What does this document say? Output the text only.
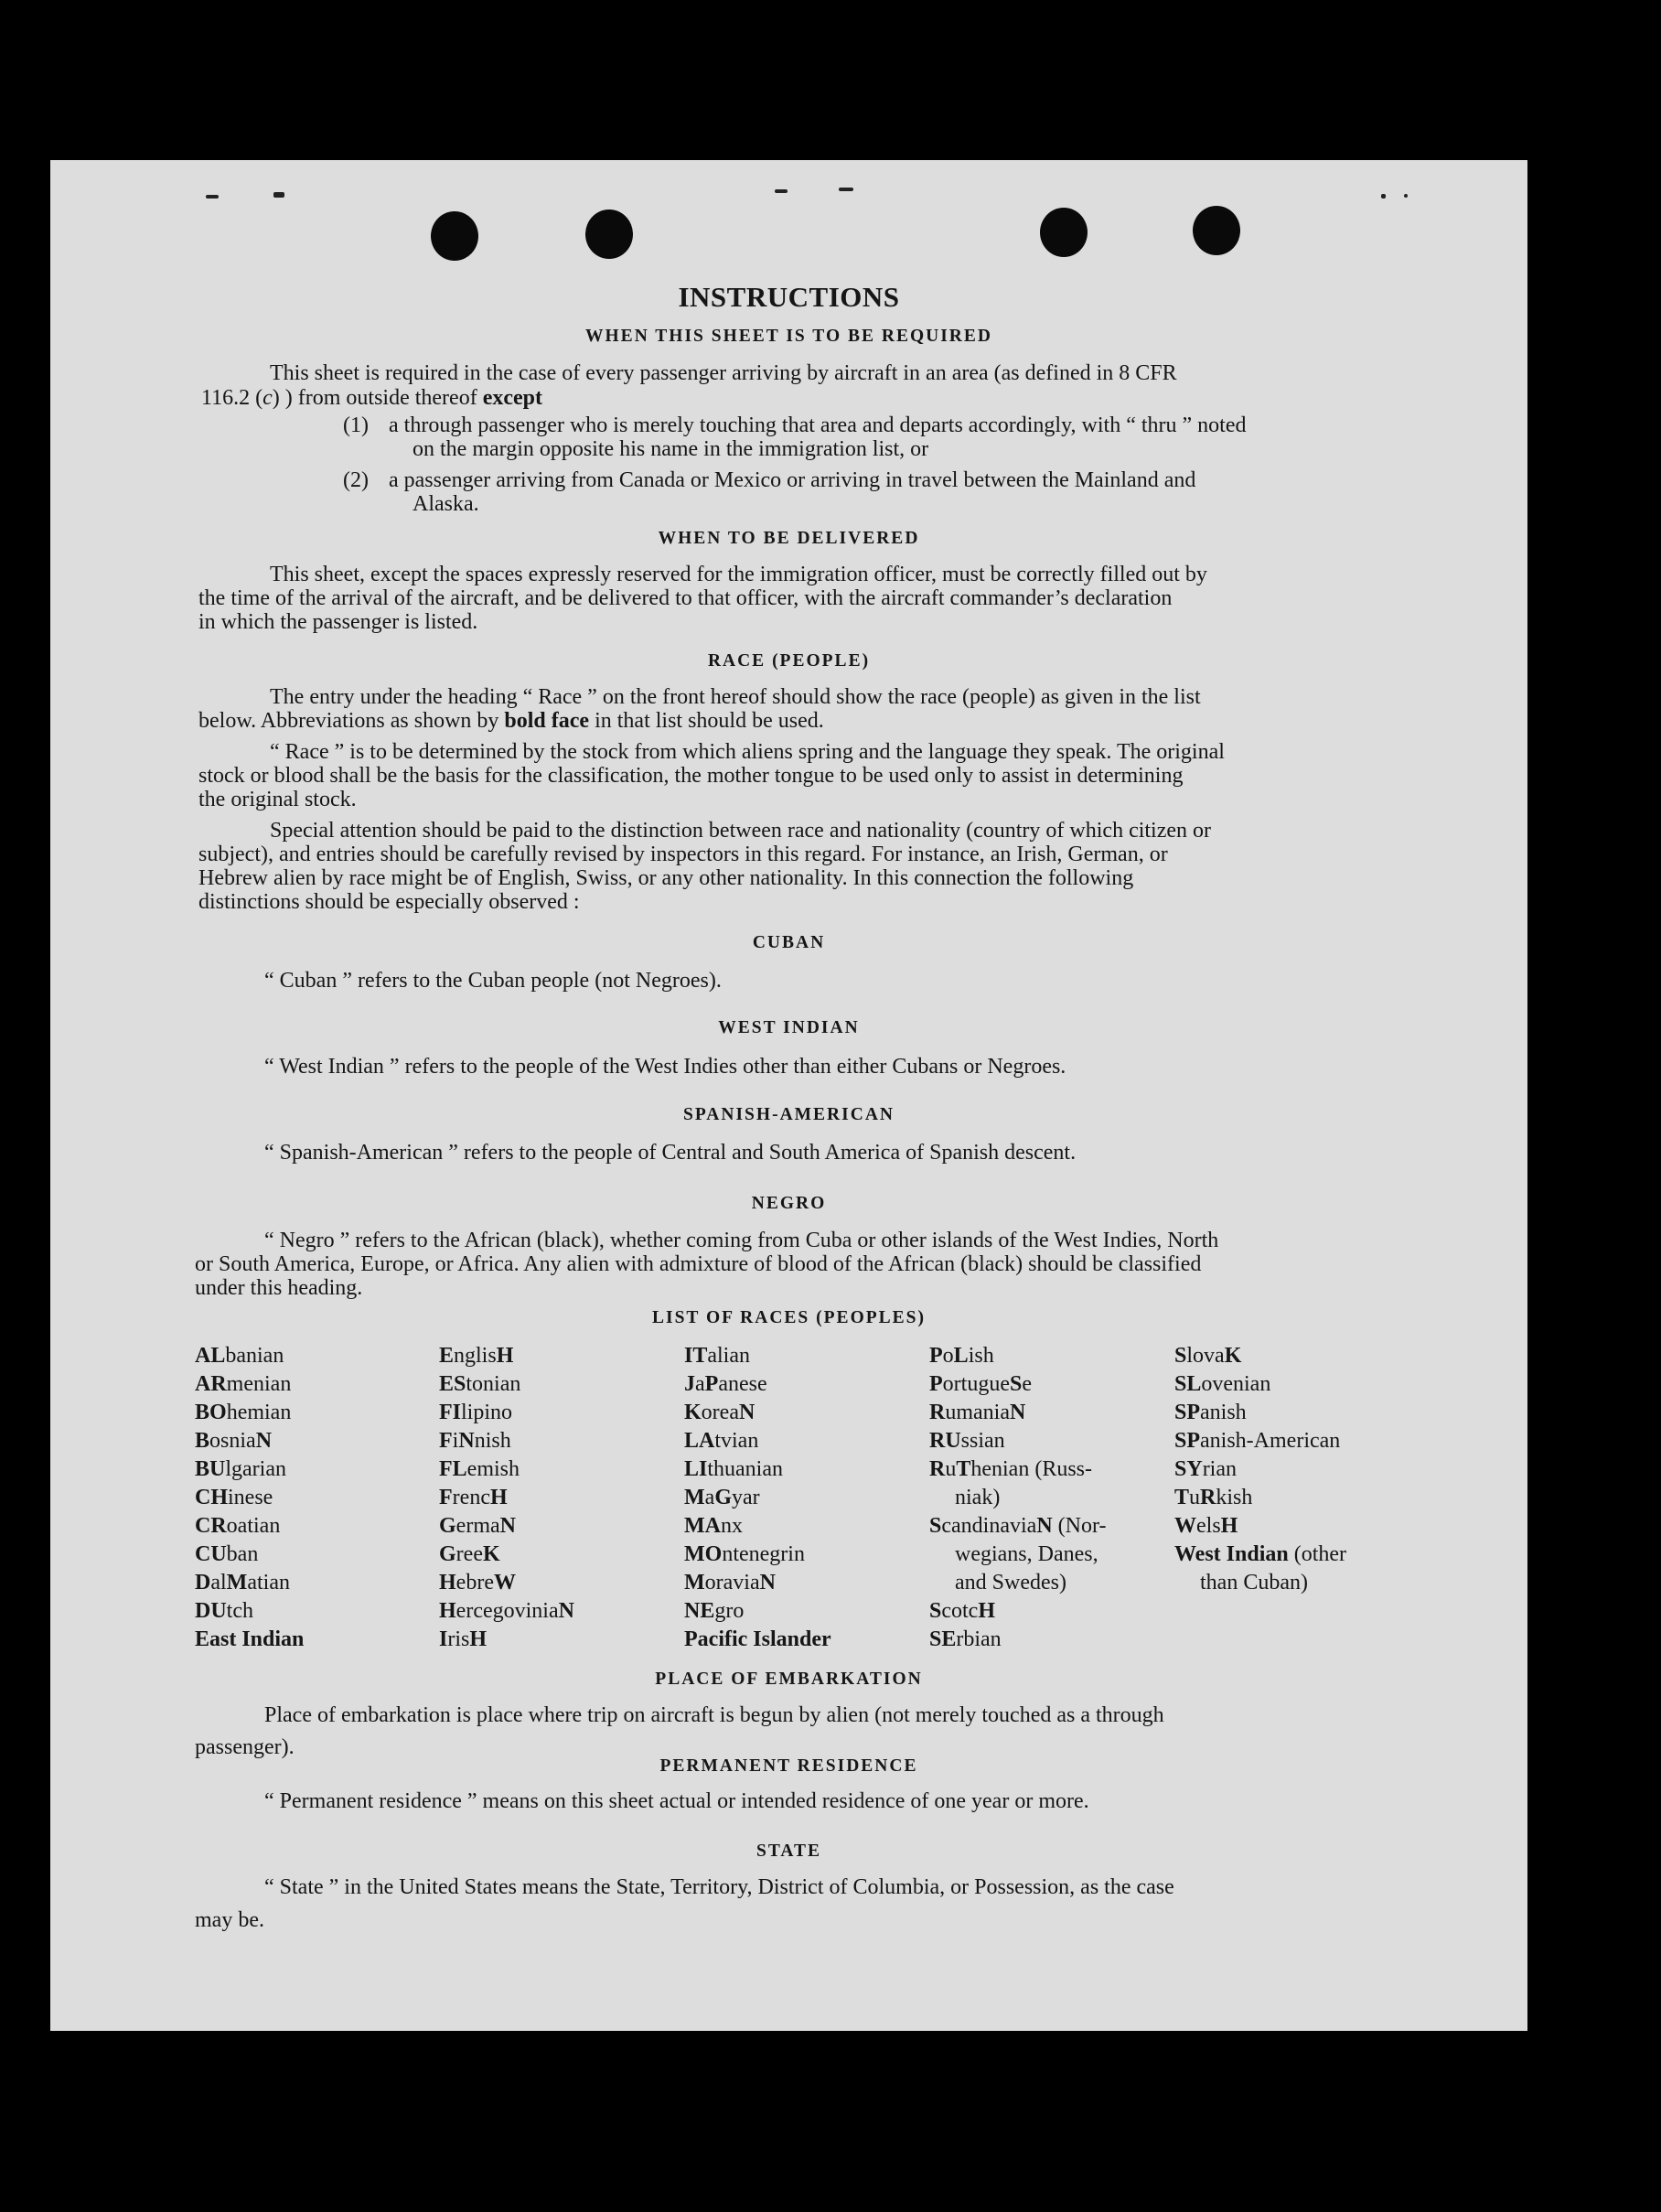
INSTRUCTIONS
WHEN THIS SHEET IS TO BE REQUIRED
This sheet is required in the case of every passenger arriving by aircraft in an area (as defined in 8 CFR
116.2 (c) ) from outside thereof except
(1) a through passenger who is merely touching that area and departs accordingly, with “ thru ” noted
on the margin opposite his name in the immigration list, or
(2) a passenger arriving from Canada or Mexico or arriving in travel between the Mainland and
Alaska.
WHEN TO BE DELIVERED
This sheet, except the spaces expressly reserved for the immigration officer, must be correctly filled out by
the time of the arrival of the aircraft, and be delivered to that officer, with the aircraft commander’s declaration
in which the passenger is listed.
RACE (PEOPLE)
The entry under the heading “ Race ” on the front hereof should show the race (people) as given in the list
below. Abbreviations as shown by bold face in that list should be used.
“ Race ” is to be determined by the stock from which aliens spring and the language they speak. The original
stock or blood shall be the basis for the classification, the mother tongue to be used only to assist in determining
the original stock.
Special attention should be paid to the distinction between race and nationality (country of which citizen or
subject), and entries should be carefully revised by inspectors in this regard. For instance, an Irish, German, or
Hebrew alien by race might be of English, Swiss, or any other nationality. In this connection the following
distinctions should be especially observed :
CUBAN
“ Cuban ” refers to the Cuban people (not Negroes).
WEST INDIAN
“ West Indian ” refers to the people of the West Indies other than either Cubans or Negroes.
SPANISH-AMERICAN
“ Spanish-American ” refers to the people of Central and South America of Spanish descent.
NEGRO
“ Negro ” refers to the African (black), whether coming from Cuba or other islands of the West Indies, North
or South America, Europe, or Africa. Any alien with admixture of blood of the African (black) should be classified
under this heading.
LIST OF RACES (PEOPLES)
ALbanian
ARmenian
BOhemian
BosniaN
BUlgarian
CHinese
CRoatian
CUban
DalMatian
DUtch
East Indian
EnglisH
EStonian
FIlipino
FiNnish
FLemish
FrencH
GermaN
GreeK
HebreW
HercegoviniaN
IrisH
ITalian
JaPanese
KoreaN
LAtvian
LIthuanian
MaGyar
MAnx
MOntenegrin
MoraviaN
NEgro
Pacific Islander
PoLish
PortugueSe
RumaniaN
RUssian
RuThenian (Russ-
niak)
ScandinaviaN (Nor-
wegians, Danes,
and Swedes)
ScotcH
SErbian
SlovaK
SLovenian
SPanish
SPanish-American
SYrian
TuRkish
WelsH
West Indian (other
than Cuban)
PLACE OF EMBARKATION
Place of embarkation is place where trip on aircraft is begun by alien (not merely touched as a through
passenger).
PERMANENT RESIDENCE
“ Permanent residence ” means on this sheet actual or intended residence of one year or more.
STATE
“ State ” in the United States means the State, Territory, District of Columbia, or Possession, as the case
may be.
